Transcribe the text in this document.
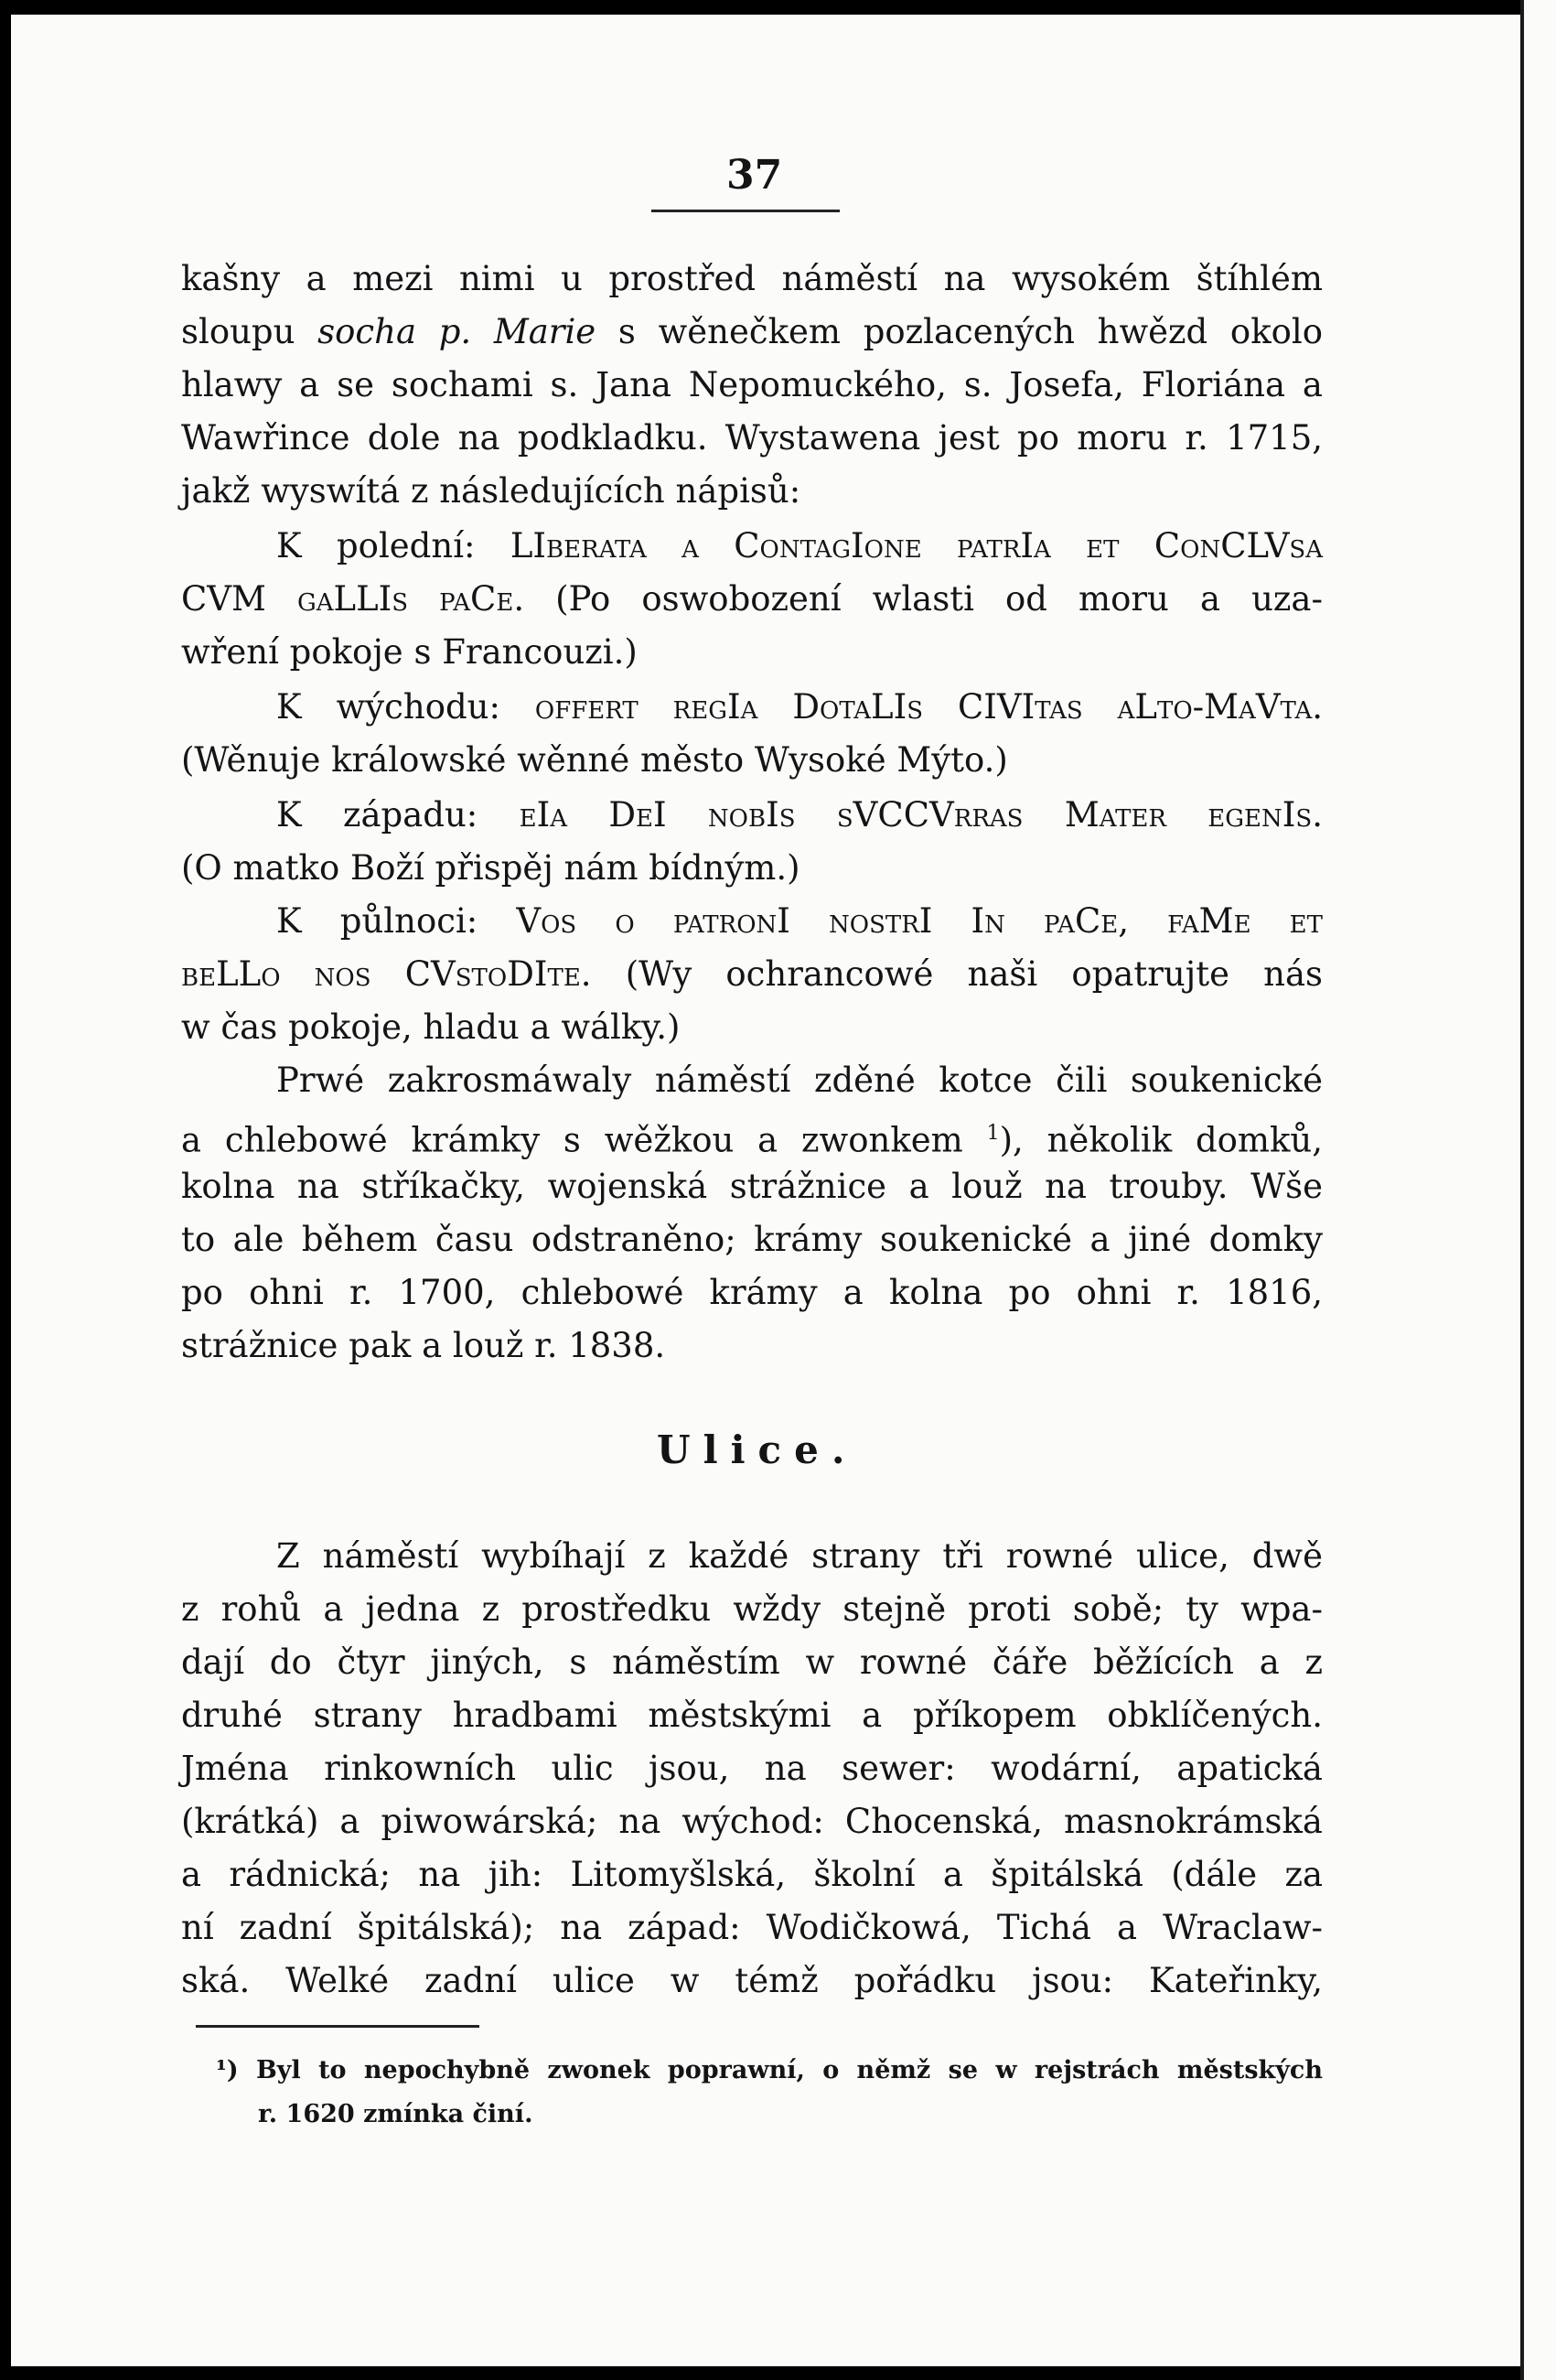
37
kašny a mezi nimi u prostřed náměstí na wysokém štíhlém
sloupu socha p. Marie s wěnečkem pozlacených hwězd okolo
hlawy a se sochami s. Jana Nepomuckého, s. Josefa, Floriána a
Wawřince dole na podkladku. Wystawena jest po moru r. 1715,
jakž wyswítá z následujících nápisů:
K polední: LIberata a ContagIone patrIa et ConCLVsa
CVM gaLLIs paCe. (Po oswobození wlasti od moru a uza-
wření pokoje s Francouzi.)
K wýchodu: offert regIa DotaLIs CIVItas aLto-MaVta.
(Wěnuje králowské wěnné město Wysoké Mýto.)
K západu: eIa DeI nobIs sVCCVrras Mater egenIs.
(O matko Boží přispěj nám bídným.)
K půlnoci: Vos o patronI nostrI In paCe, faMe et
beLLo nos CVstoDIte. (Wy ochrancowé naši opatrujte nás
w čas pokoje, hladu a wálky.)
Prwé zakrosmáwaly náměstí zděné kotce čili soukenické
a chlebowé krámky s wěžkou a zwonkem $^1$), několik domků,
kolna na stříkačky, wojenská strážnice a louž na trouby. Wše
to ale během času odstraněno; krámy soukenické a jiné domky
po ohni r. 1700, chlebowé krámy a kolna po ohni r. 1816,
strážnice pak a louž r. 1838.
Ulice.
Z náměstí wybíhají z každé strany tři rowné ulice, dwě
z rohů a jedna z prostředku wždy stejně proti sobě; ty wpa-
dají do čtyr jiných, s náměstím w rowné čáře běžících a z
druhé strany hradbami městskými a příkopem obklíčených.
Jména rinkowních ulic jsou, na sewer: wodární, apatická
(krátká) a piwowárská; na wýchod: Chocenská, masnokrámská
a rádnická; na jih: Litomyšlská, školní a špitálská (dále za
ní zadní špitálská); na západ: Wodičkowá, Tichá a Wraclaw-
ská. Welké zadní ulice w témž pořádku jsou: Kateřinky,
¹) Byl to nepochybně zwonek poprawní, o němž se w rejstrách městských
r. 1620 zmínka činí.
